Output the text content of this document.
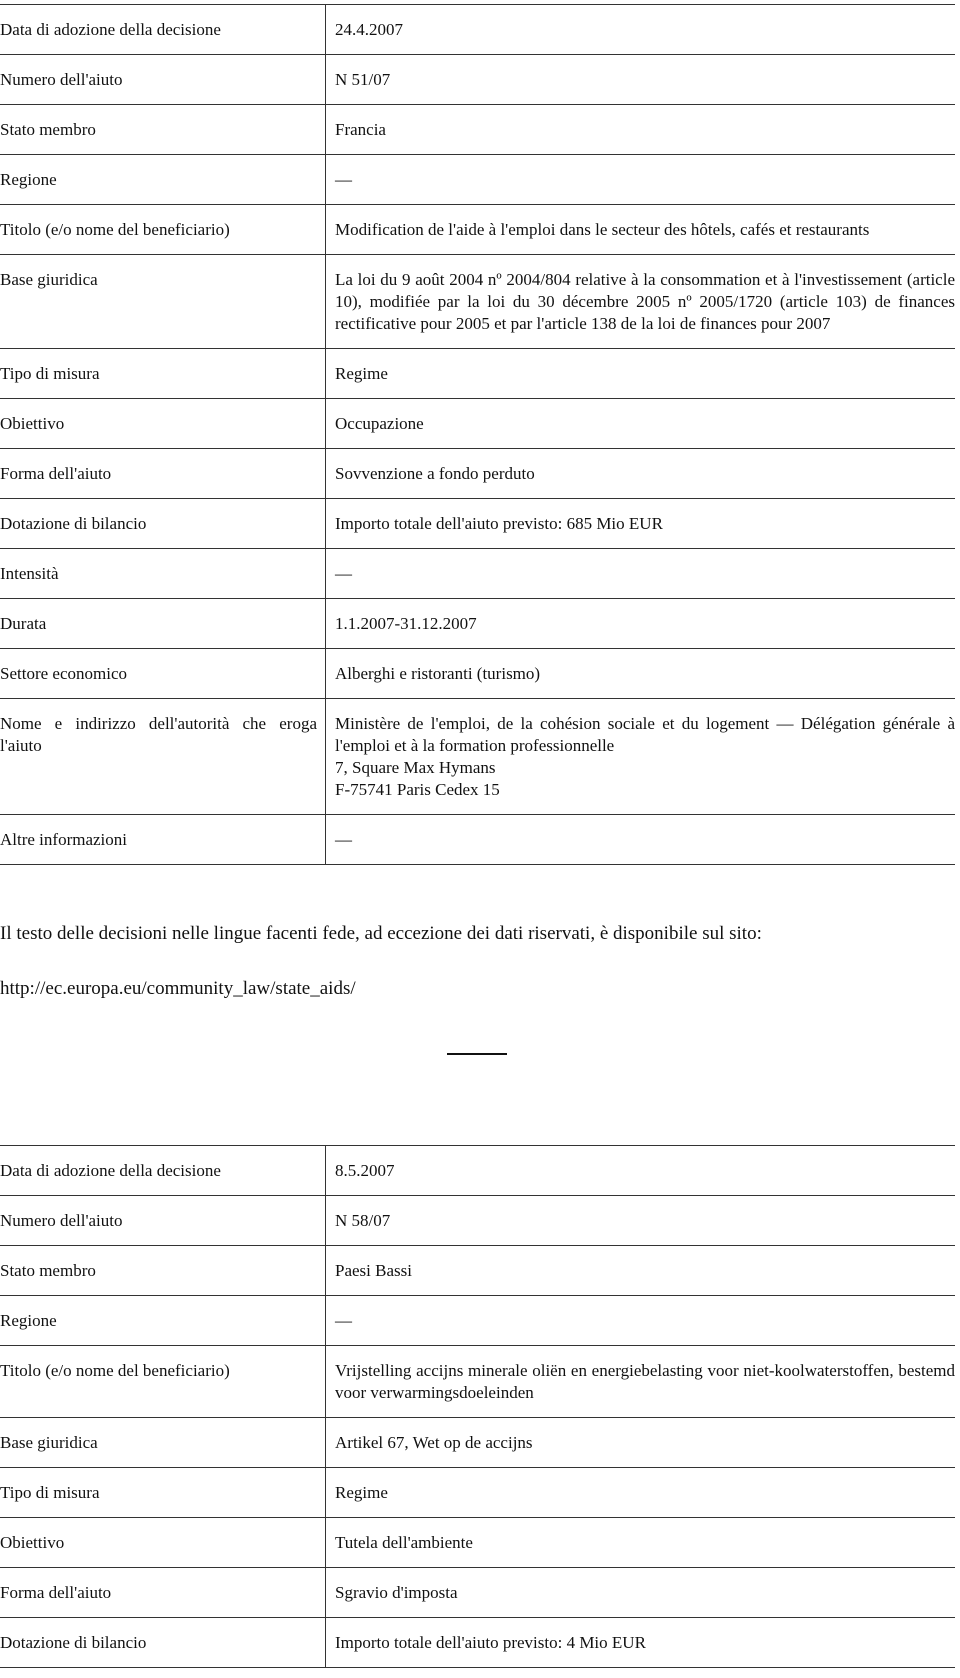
Data di adozione della decisione	24.4.2007

Numero dell'aiuto	N 51/07

Stato membro	Francia

Regione	—

Titolo (e/o nome del beneficiario)	Modification de l'aide à l'emploi dans le secteur des hôtels, cafés et restaurants

Base giuridica	La loi du 9 août 2004 nº 2004/804 relative à la consommation et à l'investissement (article 10), modifiée par la loi du 30 décembre 2005 nº 2005/1720 (article 103) de finances rectificative pour 2005 et par l'article 138 de la loi de finances pour 2007

Tipo di misura	Regime

Obiettivo	Occupazione

Forma dell'aiuto	Sovvenzione a fondo perduto

Dotazione di bilancio	Importo totale dell'aiuto previsto: 685 Mio EUR

Intensità	—

Durata	1.1.2007-31.12.2007

Settore economico	Alberghi e ristoranti (turismo)

Nome e indirizzo dell'autorità che eroga l'aiuto	Ministère de l'emploi, de la cohésion sociale et du logement — Délégation générale à l'emploi et à la formation professionnelle
7, Square Max Hymans
F-75741 Paris Cedex 15

Altre informazioni	—
Il testo delle decisioni nelle lingue facenti fede, ad eccezione dei dati riservati, è disponibile sul sito:
http://ec.europa.eu/community_law/state_aids/
Data di adozione della decisione	8.5.2007

Numero dell'aiuto	N 58/07

Stato membro	Paesi Bassi

Regione	—

Titolo (e/o nome del beneficiario)	Vrijstelling accijns minerale oliën en energiebelasting voor niet-koolwaterstoffen, bestemd voor verwarmingsdoeleinden

Base giuridica	Artikel 67, Wet op de accijns

Tipo di misura	Regime

Obiettivo	Tutela dell'ambiente

Forma dell'aiuto	Sgravio d'imposta

Dotazione di bilancio	Importo totale dell'aiuto previsto: 4 Mio EUR
